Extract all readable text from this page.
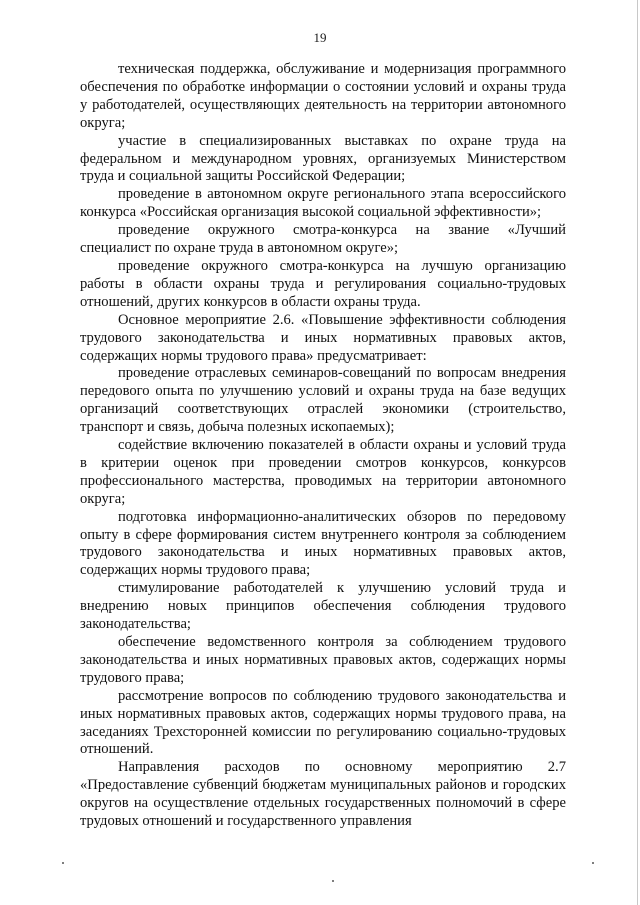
19

техническая поддержка, обслуживание и модернизация программного обеспечения по обработке информации о состоянии условий и охраны труда у работодателей, осуществляющих деятельность на территории автономного округа;

участие в специализированных выставках по охране труда на федеральном и международном уровнях, организуемых Министерством труда и социальной защиты Российской Федерации;

проведение в автономном округе регионального этапа всероссийского конкурса «Российская организация высокой социальной эффективности»;

проведение окружного смотра-конкурса на звание «Лучший специалист по охране труда в автономном округе»;

проведение окружного смотра-конкурса на лучшую организацию работы в области охраны труда и регулирования социально-трудовых отношений, других конкурсов в области охраны труда.

Основное мероприятие 2.6. «Повышение эффективности соблюдения трудового законодательства и иных нормативных правовых актов, содержащих нормы трудового права» предусматривает:

проведение отраслевых семинаров-совещаний по вопросам внедрения передового опыта по улучшению условий и охраны труда на базе ведущих организаций соответствующих отраслей экономики (строительство, транспорт и связь, добыча полезных ископаемых);

содействие включению показателей в области охраны и условий труда в критерии оценок при проведении смотров конкурсов, конкурсов профессионального мастерства, проводимых на территории автономного округа;

подготовка информационно-аналитических обзоров по передовому опыту в сфере формирования систем внутреннего контроля за соблюдением трудового законодательства и иных нормативных правовых актов, содержащих нормы трудового права;

стимулирование работодателей к улучшению условий труда и внедрению новых принципов обеспечения соблюдения трудового законодательства;

обеспечение ведомственного контроля за соблюдением трудового законодательства и иных нормативных правовых актов, содержащих нормы трудового права;

рассмотрение вопросов по соблюдению трудового законодательства и иных нормативных правовых актов, содержащих нормы трудового права, на заседаниях Трехсторонней комиссии по регулированию социально-трудовых отношений.

Направления расходов по основному мероприятию 2.7 «Предоставление субвенций бюджетам муниципальных районов и городских округов на осуществление отдельных государственных полномочий в сфере трудовых отношений и государственного управления
